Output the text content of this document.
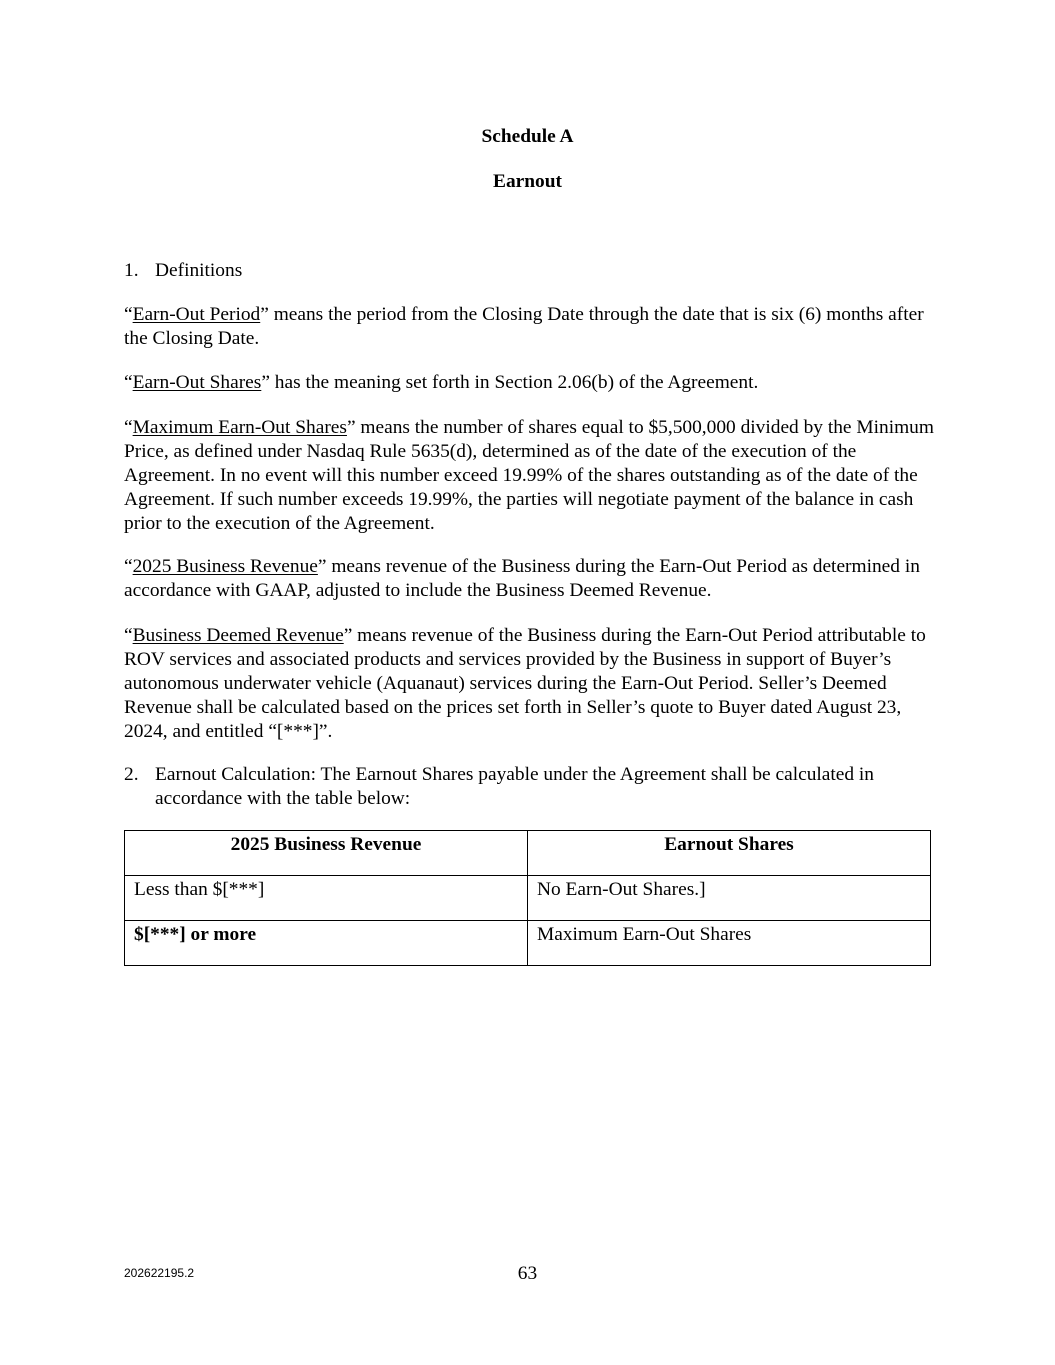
Schedule A

Earnout

1. Definitions

“Earn-Out Period” means the period from the Closing Date through the date that is six (6) months after the Closing Date.

“Earn-Out Shares” has the meaning set forth in Section 2.06(b) of the Agreement.

“Maximum Earn-Out Shares” means the number of shares equal to $5,500,000 divided by the Minimum Price, as defined under Nasdaq Rule 5635(d), determined as of the date of the execution of the Agreement. In no event will this number exceed 19.99% of the shares outstanding as of the date of the Agreement. If such number exceeds 19.99%, the parties will negotiate payment of the balance in cash prior to the execution of the Agreement.

“2025 Business Revenue” means revenue of the Business during the Earn-Out Period as determined in accordance with GAAP, adjusted to include the Business Deemed Revenue.

“Business Deemed Revenue” means revenue of the Business during the Earn-Out Period attributable to ROV services and associated products and services provided by the Business in support of Buyer’s autonomous underwater vehicle (Aquanaut) services during the Earn-Out Period. Seller’s Deemed Revenue shall be calculated based on the prices set forth in Seller’s quote to Buyer dated August 23, 2024, and entitled “[***]”.

2. Earnout Calculation: The Earnout Shares payable under the Agreement shall be calculated in accordance with the table below:
2025 Business Revenue	Earnout Shares
Less than $[***]	No Earn-Out Shares.]
$[***] or more	Maximum Earn-Out Shares

202622195.2	63
